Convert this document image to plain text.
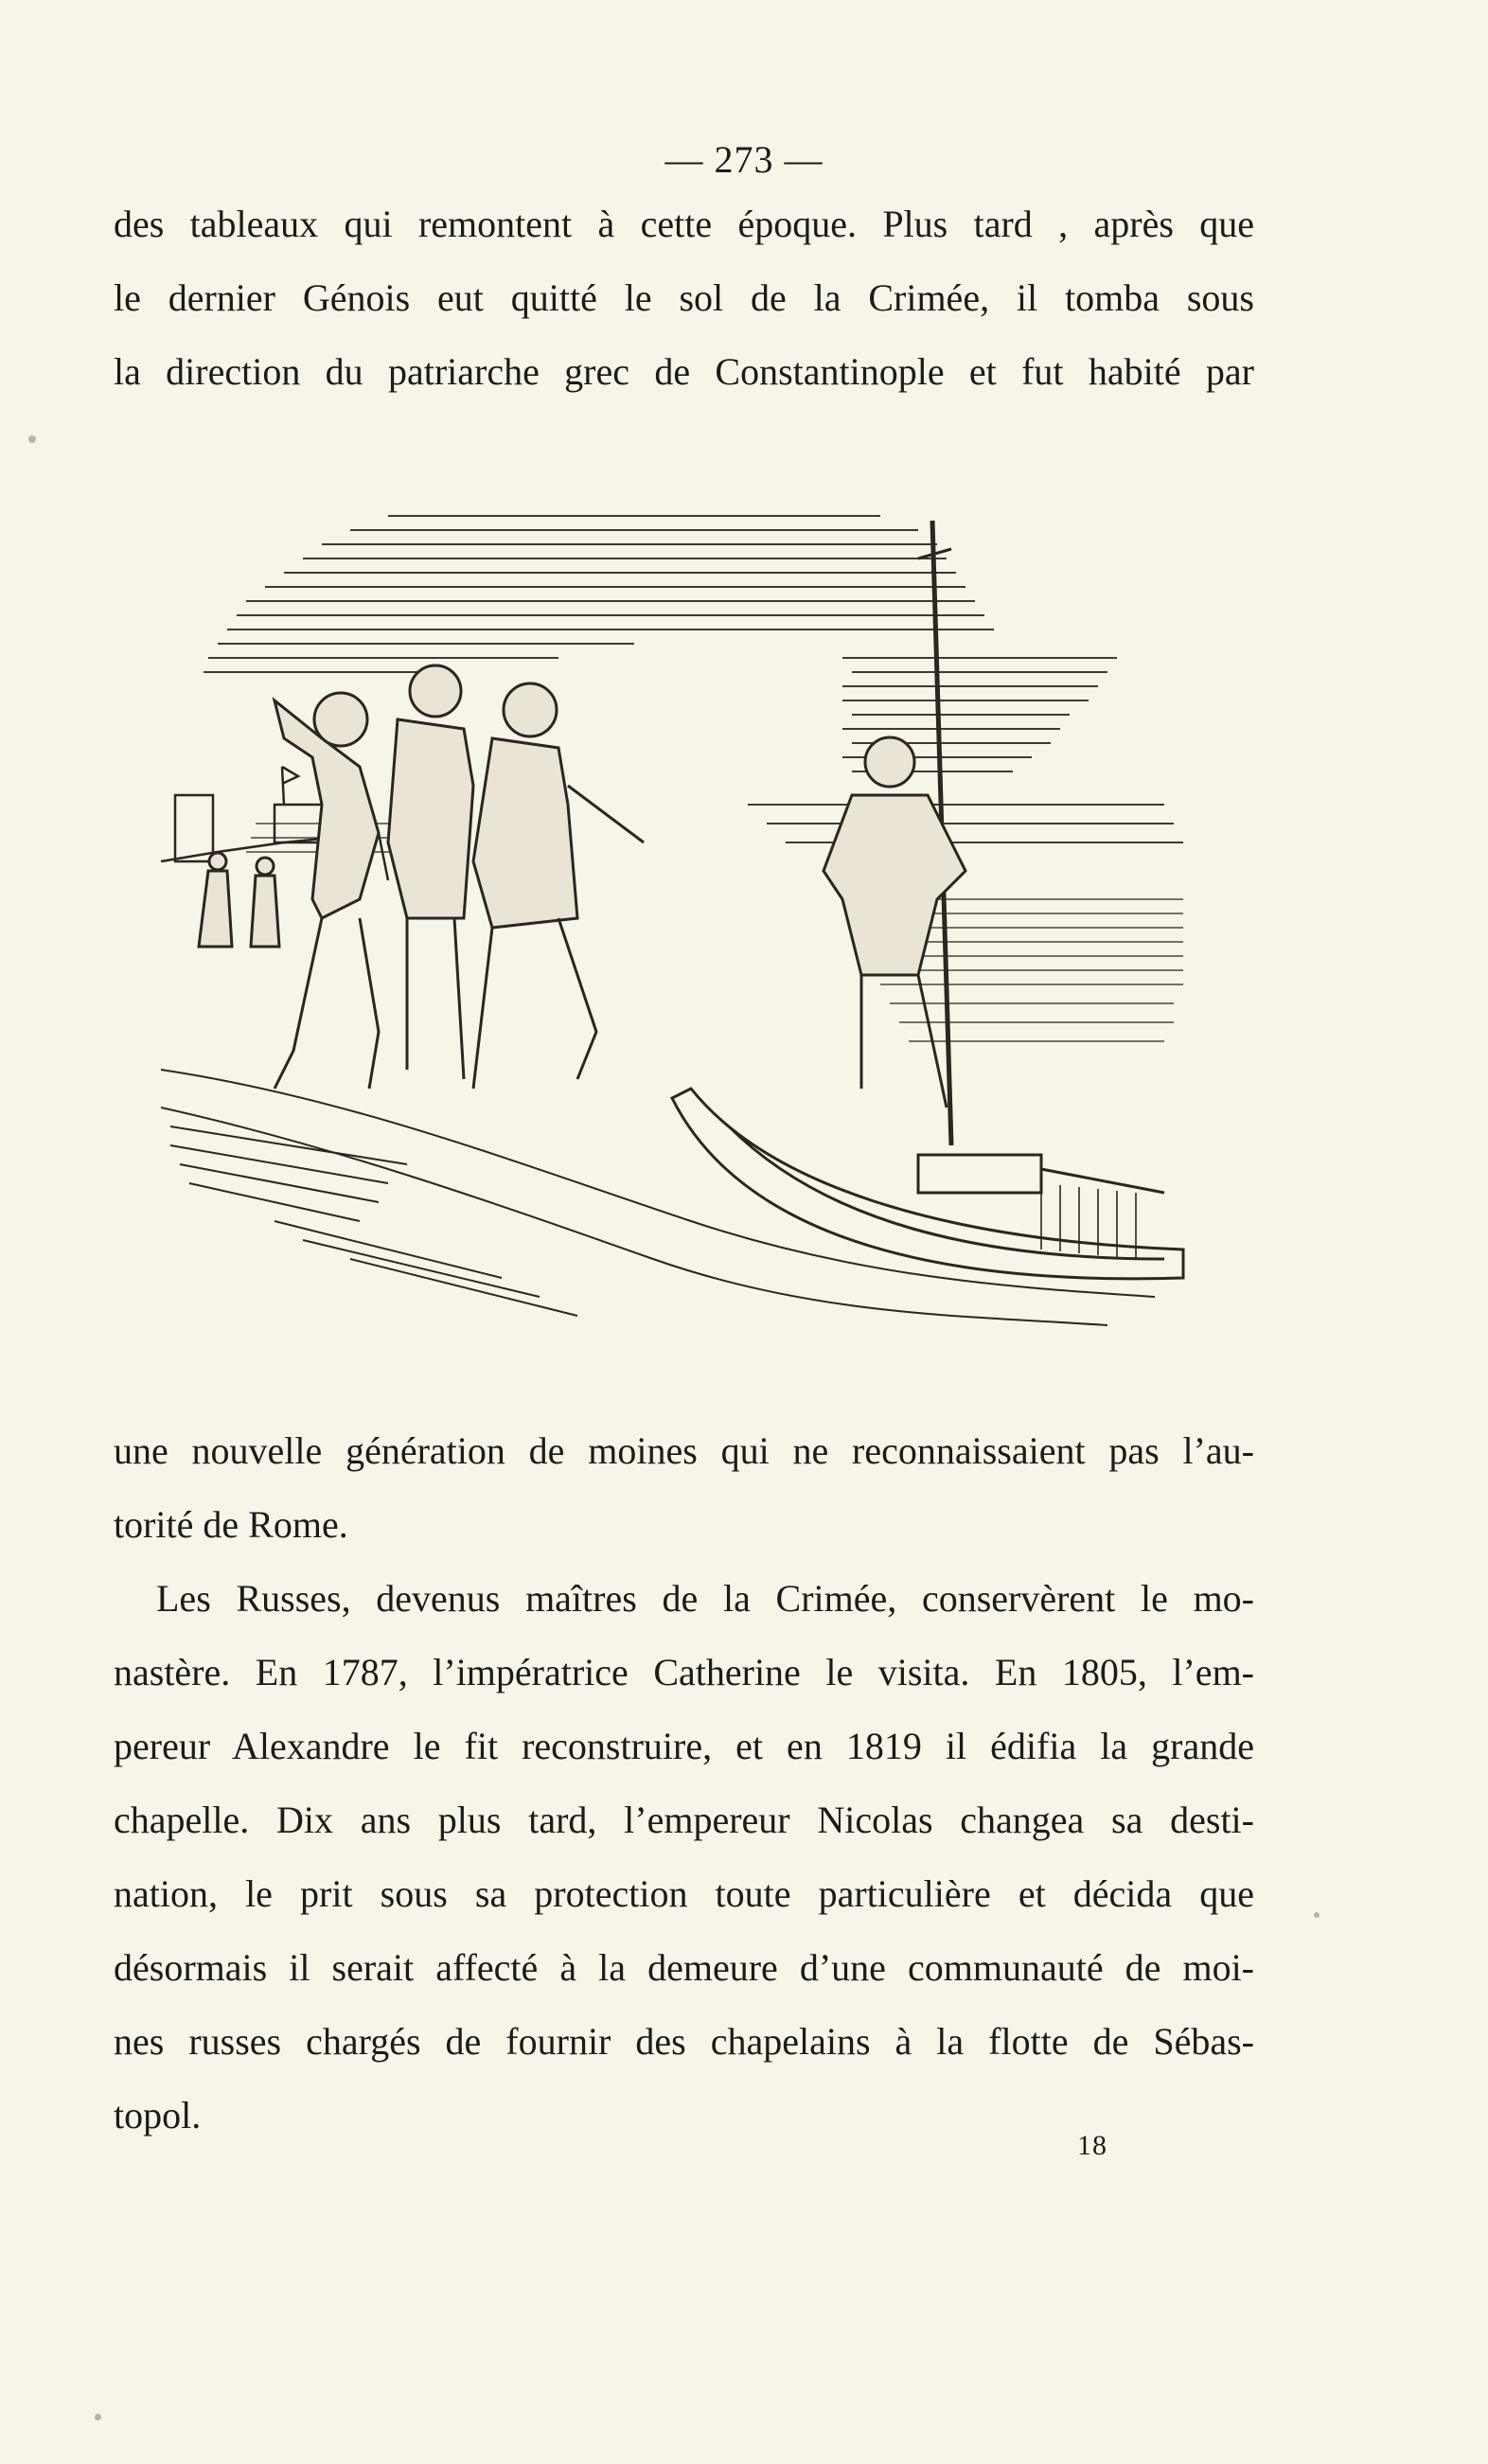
— 273 —
des tableaux qui remontent à cette époque. Plus tard , après que
le dernier Génois eut quitté le sol de la Crimée, il tomba sous
la direction du patriarche grec de Constantinople et fut habité par
une nouvelle génération de moines qui ne reconnaissaient pas l’au-
torité de Rome.
Les Russes, devenus maîtres de la Crimée, conservèrent le mo-
nastère. En 1787, l’impératrice Catherine le visita. En 1805, l’em-
pereur Alexandre le fit reconstruire, et en 1819 il édifia la grande
chapelle. Dix ans plus tard, l’empereur Nicolas changea sa desti-
nation, le prit sous sa protection toute particulière et décida que
désormais il serait affecté à la demeure d’une communauté de moi-
nes russes chargés de fournir des chapelains à la flotte de Sébas-
topol.
18
